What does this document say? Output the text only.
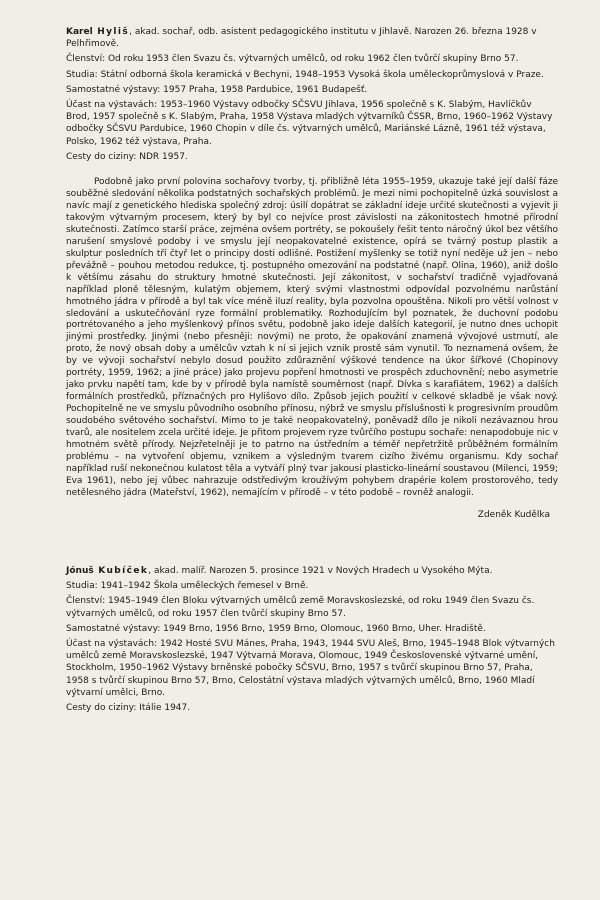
Karel Hyliš, akad. sochař, odb. asistent pedagogického institutu v Jihlavě. Narozen 26. března 1928 v Pelhřimově.

Členství: Od roku 1953 člen Svazu čs. výtvarných umělců, od roku 1962 člen tvůrčí skupiny Brno 57.

Studia: Státní odborná škola keramická v Bechyni, 1948–1953 Vysoká škola uměleckoprůmyslová v Praze.

Samostatné výstavy: 1957 Praha, 1958 Pardubice, 1961 Budapešť.

Účast na výstavách: 1953–1960 Výstavy odbočky SČSVU Jihlava, 1956 společně s K. Slabým, Havlíčkův Brod, 1957 společně s K. Slabým, Praha, 1958 Výstava mladých výtvarníků ČSSR, Brno, 1960–1962 Výstavy odbočky SČSVU Pardubice, 1960 Chopin v díle čs. výtvarných umělců, Mariánské Lázně, 1961 též výstava, Polsko, 1962 též výstava, Praha.

Cesty do ciziny: NDR 1957.

Podobně jako první polovina sochařovy tvorby, tj. přibližně léta 1955–1959, ukazuje také její další fáze souběžné sledování několika podstatných sochařských problémů. Je mezi nimi pochopitelně úzká souvislost a navíc mají z genetického hlediska společný zdroj: úsilí dopátrat se základní ideje určité skutečnosti a vyjevit ji takovým výtvarným procesem, který by byl co nejvíce prost závislosti na zákonitostech hmotné přírodní skutečnosti. Zatímco starší práce, zejména ovšem portréty, se pokoušely řešit tento náročný úkol bez většího narušení smyslové podoby i ve smyslu její neopakovatelné existence, opírá se tvárný postup plastik a skulptur posledních tří čtyř let o principy dosti odlišné. Postižení myšlenky se totiž nyní neděje už jen – nebo převážně – pouhou metodou redukce, tj. postupného omezování na podstatné (např. Olina, 1960), aniž došlo k většímu zásahu do struktury hmotné skutečnosti. Její zákonitost, v sochařství tradičně vyjadřovaná například ploně tělesným, kulatým objemem, který svými vlastnostmi odpovídal pozvolnému narůstání hmotného jádra v přírodě a byl tak více méně iluzí reality, byla pozvolna opouštěna. Nikoli pro větší volnost v sledování a uskutečňování ryze formální problematiky. Rozhodujícím byl poznatek, že duchovní podobu portrétovaného a jeho myšlenkový přínos světu, podobně jako ideje dalších kategorií, je nutno dnes uchopit jinými prostředky. Jinými (nebo přesněji: novými) ne proto, že opakování znamená vývojové ustrnutí, ale proto, že nový obsah doby a umělcův vztah k ní si jejich vznik prostě sám vynutil. To neznamená ovšem, že by ve vývoji sochařství nebylo dosud použito zdůraznění výškové tendence na úkor šířkové (Chopinovy portréty, 1959, 1962; a jiné práce) jako projevu popření hmotnosti ve prospěch zduchovnění; nebo asymetrie jako prvku napětí tam, kde by v přírodě byla namístě souměrnost (např. Dívka s karafiátem, 1962) a dalších formálních prostředků, příznačných pro Hylišovo dílo. Způsob jejich použití v celkové skladbě je však nový. Pochopitelně ne ve smyslu původního osobního přínosu, nýbrž ve smyslu příslušnosti k progresivním proudům soudobého světového sochařství. Mimo to je také neopakovatelný, poněvadž dílo je nikoli nezávaznou hrou tvarů, ale nositelem zcela určité ideje. Je přitom projevem ryze tvůrčího postupu sochaře: nenapodobuje nic v hmotném světě přírody. Nejzřetelněji je to patrno na ústředním a téměř nepřetržitě průběžném formálním problému – na vytvoření objemu, vznikem a výsledným tvarem cizího živému organismu. Kdy sochař například ruší nekonečnou kulatost těla a vytváří plný tvar jakousi plasticko-lineární soustavou (Milenci, 1959; Eva 1961), nebo jej vůbec nahrazuje odstředivým kroužívým pohybem drapérie kolem prostorového, tedy netělesného jádra (Mateřství, 1962), nemajícím v přírodě – v této podobě – rovněž analogii.

Zdeněk Kudělka

Jónuš Kubíček, akad. malíř. Narozen 5. prosince 1921 v Nových Hradech u Vysokého Mýta.

Studia: 1941–1942 Škola uměleckých řemesel v Brně.

Členství: 1945–1949 člen Bloku výtvarných umělců země Moravskoslezské, od roku 1949 člen Svazu čs. výtvarných umělců, od roku 1957 člen tvůrčí skupiny Brno 57.

Samostatné výstavy: 1949 Brno, 1956 Brno, 1959 Brno, Olomouc, 1960 Brno, Uher. Hradiště.

Účast na výstavách: 1942 Hosté SVU Mánes, Praha, 1943, 1944 SVU Aleš, Brno, 1945–1948 Blok výtvarných umělců země Moravskoslezské, 1947 Výtvarná Morava, Olomouc, 1949 Československé výtvarné umění, Stockholm, 1950–1962 Výstavy brněnské pobočky SČSVU, Brno, 1957 s tvůrčí skupinou Brno 57, Praha, 1958 s tvůrčí skupinou Brno 57, Brno, Celostátní výstava mladých výtvarných umělců, Brno, 1960 Mladí výtvarní umělci, Brno.

Cesty do ciziny: Itálie 1947.
